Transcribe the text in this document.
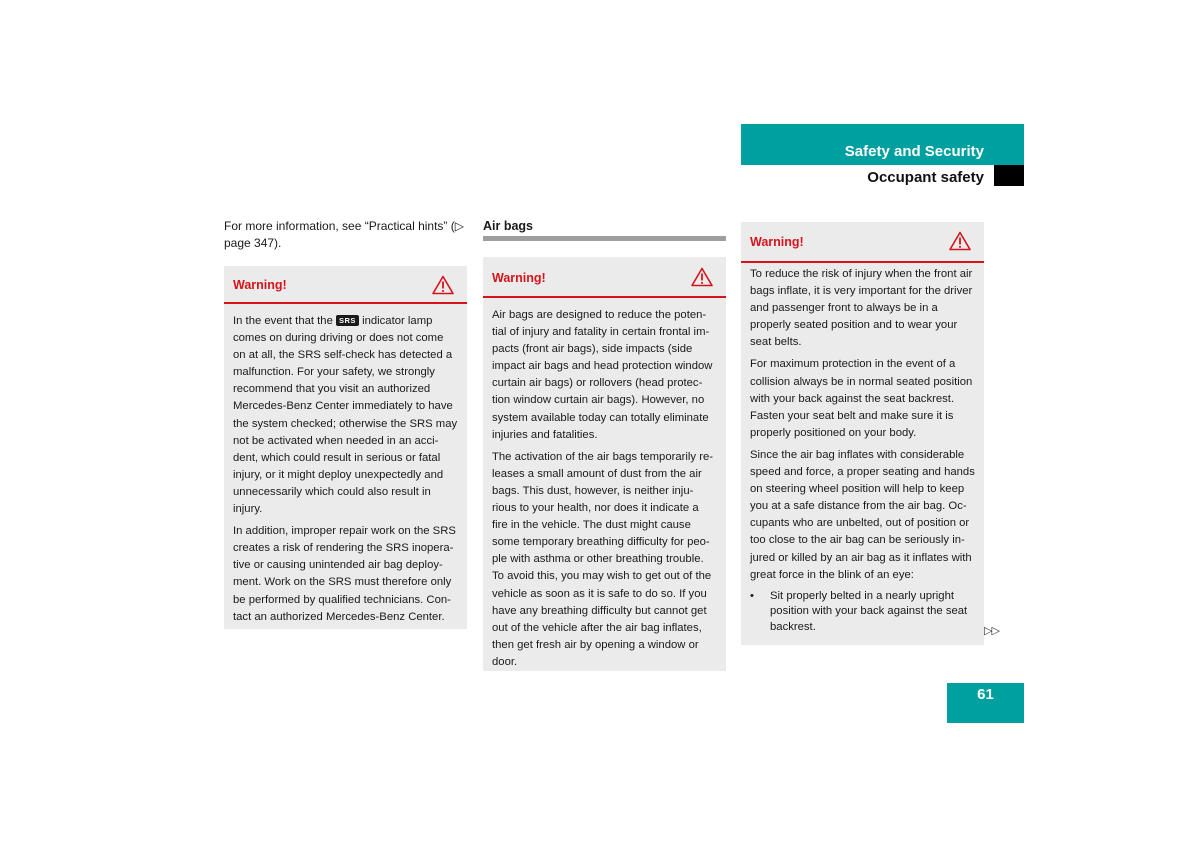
Safety and Security
Occupant safety
For more information, see “Practical hints” (▷ page 347).
Warning!

In the event that the SRS indicator lamp comes on during driving or does not come on at all, the SRS self-check has detected a malfunction. For your safety, we strongly recommend that you visit an authorized Mercedes-Benz Center immediately to have the system checked; otherwise the SRS may not be activated when needed in an acci-dent, which could result in serious or fatal injury, or it might deploy unexpectedly and unnecessarily which could also result in injury.

In addition, improper repair work on the SRS creates a risk of rendering the SRS inopera-tive or causing unintended air bag deploy-ment. Work on the SRS must therefore only be performed by qualified technicians. Con-tact an authorized Mercedes-Benz Center.

Air bags
Warning!

Air bags are designed to reduce the poten-tial of injury and fatality in certain frontal im-pacts (front air bags), side impacts (side impact air bags and head protection window curtain air bags) or rollovers (head protec-tion window curtain air bags). However, no system available today can totally eliminate injuries and fatalities.

The activation of the air bags temporarily re-leases a small amount of dust from the air bags. This dust, however, is neither inju-rious to your health, nor does it indicate a fire in the vehicle. The dust might cause some temporary breathing difficulty for peo-ple with asthma or other breathing trouble. To avoid this, you may wish to get out of the vehicle as soon as it is safe to do so. If you have any breathing difficulty but cannot get out of the vehicle after the air bag inflates, then get fresh air by opening a window or door.

Warning!

To reduce the risk of injury when the front air bags inflate, it is very important for the driver and passenger front to always be in a properly seated position and to wear your seat belts.

For maximum protection in the event of a collision always be in normal seated position with your back against the seat backrest. Fasten your seat belt and make sure it is properly positioned on your body.

Since the air bag inflates with considerable speed and force, a proper seating and hands on steering wheel position will help to keep you at a safe distance from the air bag. Oc-cupants who are unbelted, out of position or too close to the air bag can be seriously in-jured or killed by an air bag as it inflates with great force in the blink of an eye:

•	Sit properly belted in a nearly upright position with your back against the seat backrest.	▷▷
61
